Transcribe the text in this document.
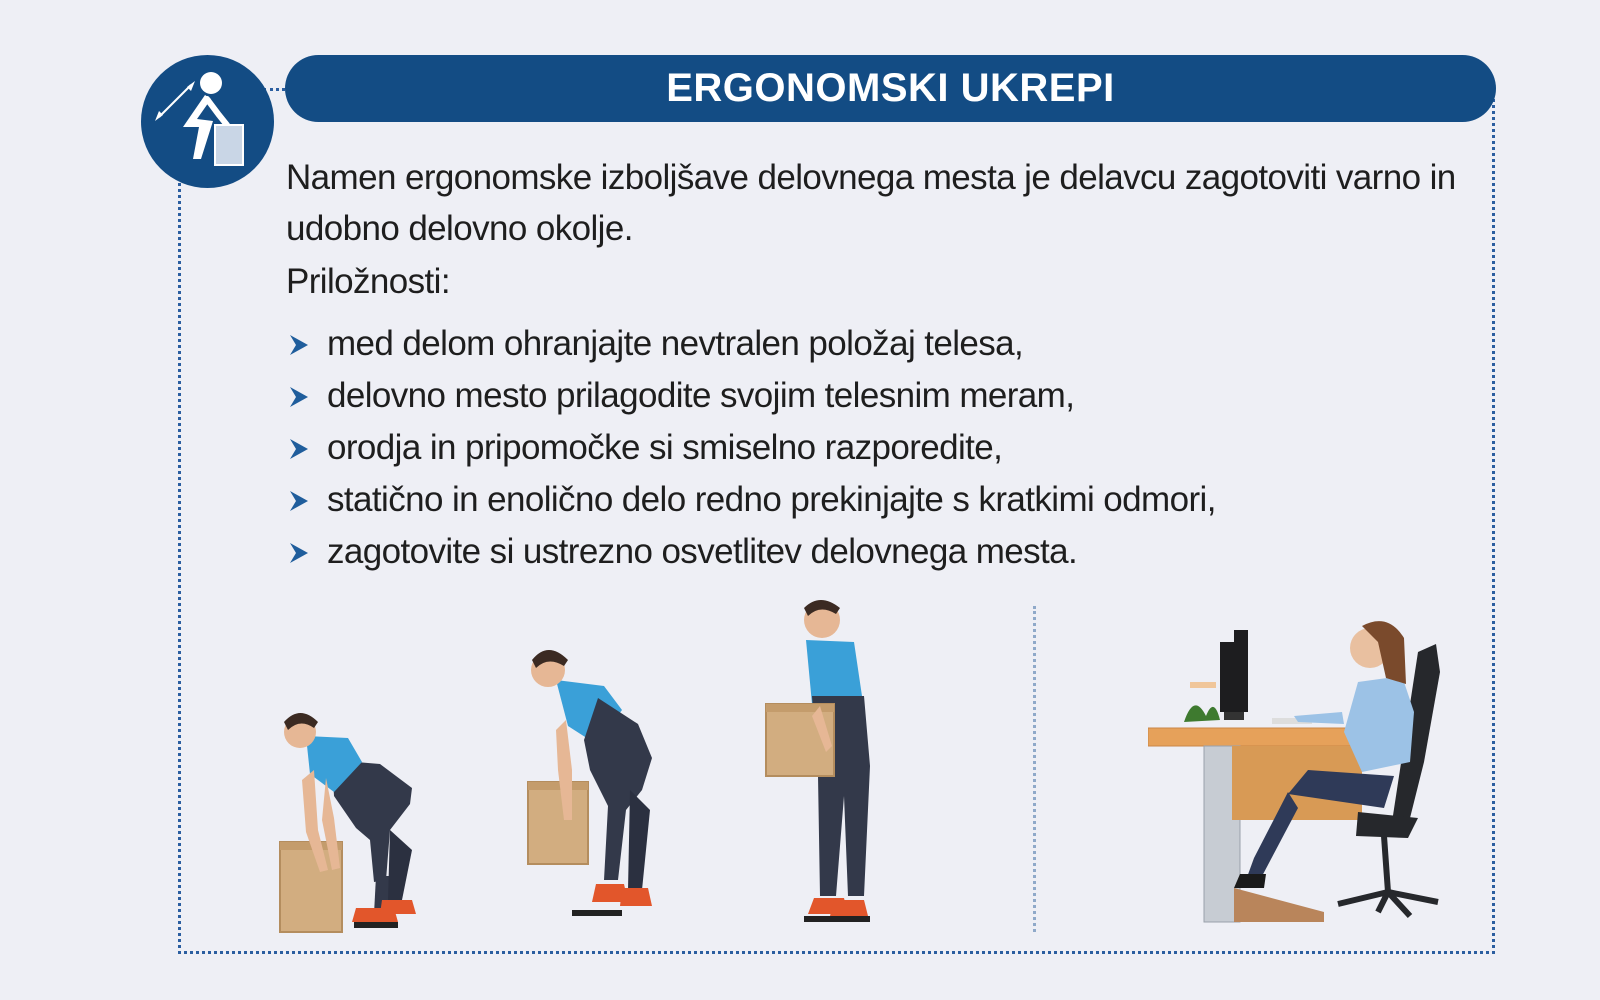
ERGONOMSKI UKREPI

Namen ergonomske izboljšave delovnega mesta je delavcu zagotoviti varno in

udobno delovno okolje.

Priložnosti:

med delom ohranjajte nevtralen položaj telesa,
delovno mesto prilagodite svojim telesnim meram,
orodja in pripomočke si smiselno razporedite,
statično in enolično delo redno prekinjajte s kratkimi odmori,
zagotovite si ustrezno osvetlitev delovnega mesta.
